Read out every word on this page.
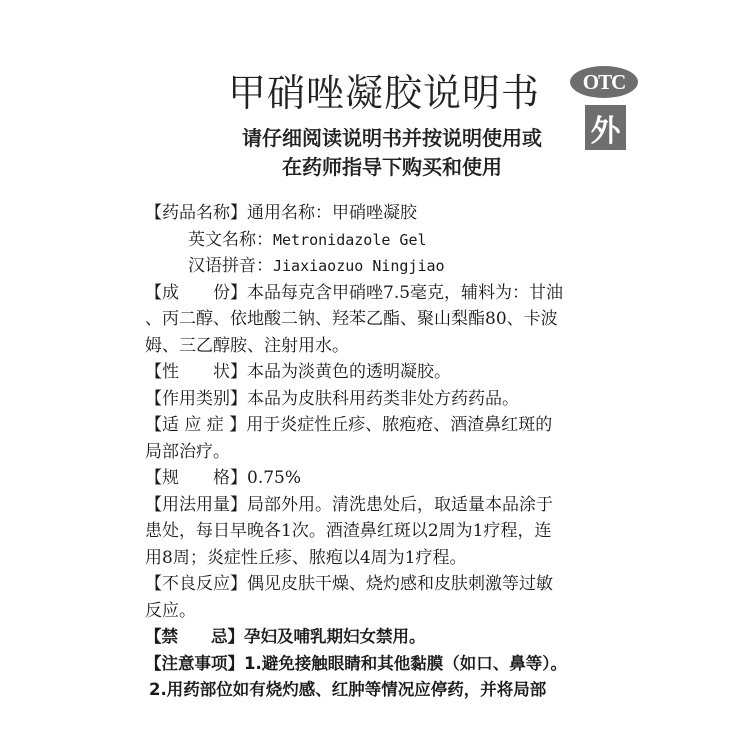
甲硝唑凝胶说明书
请仔细阅读说明书并按说明使用或
在药师指导下购买和使用
OTC
外
【药品名称】通用名称：甲硝唑凝胶
英文名称：Metronidazole Gel
汉语拼音：Jiaxiaozuo Ningjiao
【成　　份】本品每克含甲硝唑7.5毫克，辅料为：甘油
、丙二醇、依地酸二钠、羟苯乙酯、聚山梨酯80、卡波
姆、三乙醇胺、注射用水。
【性　　状】本品为淡黄色的透明凝胶。
【作用类别】本品为皮肤科用药类非处方药药品。
【适 应 症 】用于炎症性丘疹、脓疱疮、酒渣鼻红斑的
局部治疗。
【规　　格】0.75%
【用法用量】局部外用。清洗患处后，取适量本品涂于
患处，每日早晚各1次。酒渣鼻红斑以2周为1疗程，连
用8周；炎症性丘疹、脓疱以4周为1疗程。
【不良反应】偶见皮肤干燥、烧灼感和皮肤刺激等过敏
反应。
【禁　　忌】孕妇及哺乳期妇女禁用。
【注意事项】1.避免接触眼睛和其他黏膜（如口、鼻等）。
2.用药部位如有烧灼感、红肿等情况应停药，并将局部
